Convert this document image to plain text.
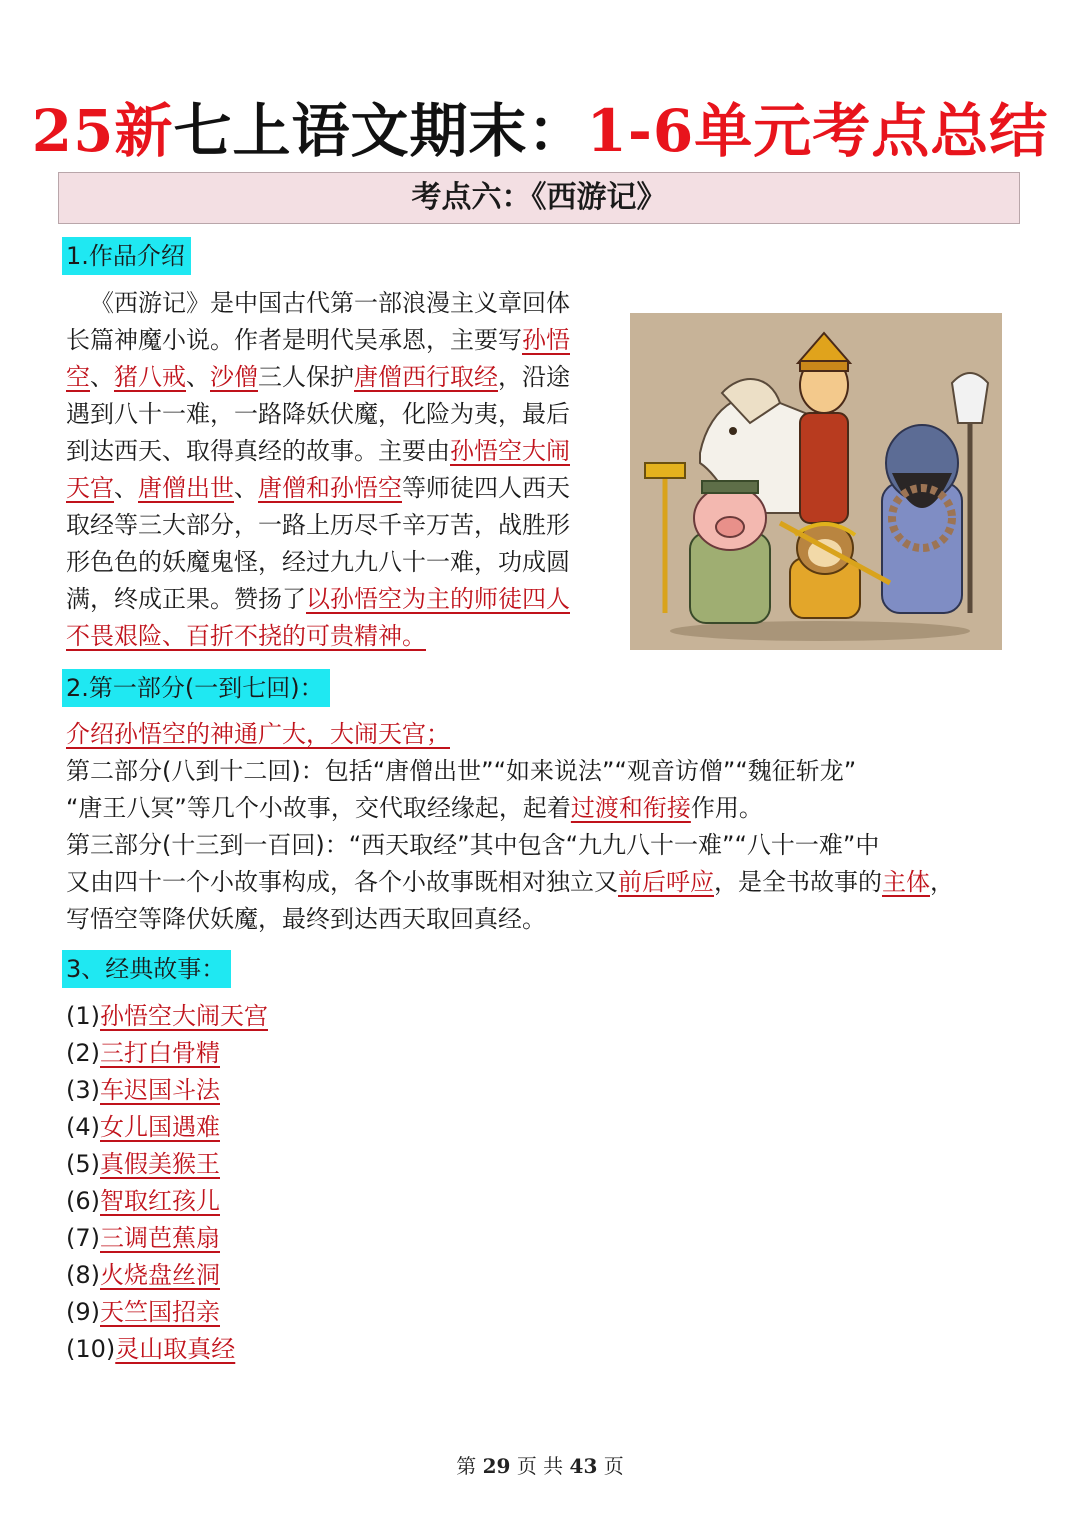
25新七上语文期末：1-6单元考点总结
考点六：《西游记》
1.作品介绍
《西游记》是中国古代第一部浪漫主义章回体
长篇神魔小说。作者是明代吴承恩，主要写孙悟
空、猪八戒、沙僧三人保护唐僧西行取经，沿途
遇到八十一难，一路降妖伏魔，化险为夷，最后
到达西天、取得真经的故事。主要由孙悟空大闹
天宫、唐僧出世、唐僧和孙悟空等师徒四人西天
取经等三大部分，一路上历尽千辛万苦，战胜形
形色色的妖魔鬼怪，经过九九八十一难，功成圆
满，终成正果。赞扬了以孙悟空为主的师徒四人
不畏艰险、百折不挠的可贵精神。
2.第一部分(一到七回)：
介绍孙悟空的神通广大，大闹天宫；
第二部分(八到十二回)：包括“唐僧出世”“如来说法”“观音访僧”“魏征斩龙”
“唐王八冥”等几个小故事，交代取经缘起，起着过渡和衔接作用。
第三部分(十三到一百回)：“西天取经”其中包含“九九八十一难”“八十一难”中
又由四十一个小故事构成，各个小故事既相对独立又前后呼应，是全书故事的主体，
写悟空等降伏妖魔，最终到达西天取回真经。
3、经典故事：
(1)孙悟空大闹天宫
(2)三打白骨精
(3)车迟国斗法
(4)女儿国遇难
(5)真假美猴王
(6)智取红孩儿
(7)三调芭蕉扇
(8)火烧盘丝洞
(9)天竺国招亲
(10)灵山取真经
第 29 页 共 43 页
